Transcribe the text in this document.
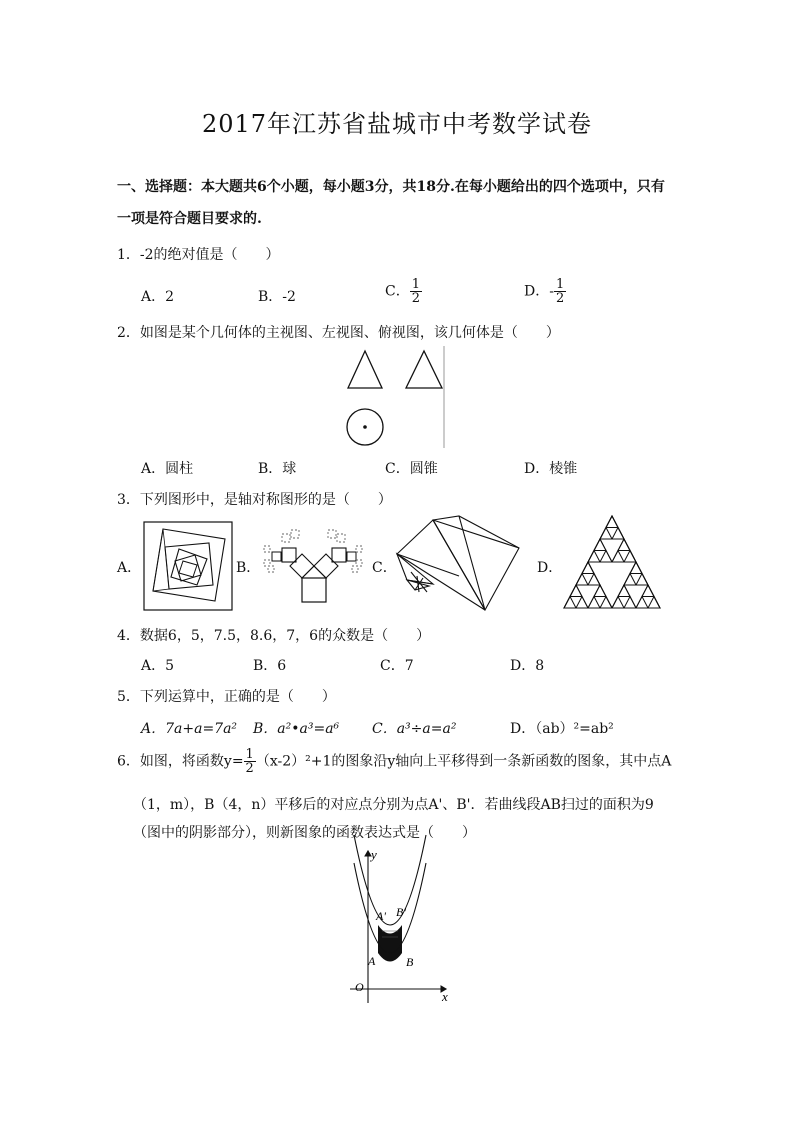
2017年江苏省盐城市中考数学试卷
一、选择题：本大题共6个小题，每小题3分，共18分.在每小题给出的四个选项中，只有
一项是符合题目要求的.
1．-2的绝对值是（　　）
A．2	B．-2	C． $\frac{1}{2}$	D．- $\frac{1}{2}$
2．如图是某个几何体的主视图、左视图、俯视图，该几何体是（　　）
A．圆柱	B．球	C．圆锥	D．棱锥
3．下列图形中，是轴对称图形的是（　　）
A．	B．	C．	D．
4．数据6，5，7.5，8.6，7，6的众数是（　　）
A．5	B．6	C．7	D．8
5．下列运算中，正确的是（　　）
A．7a+a=7a² B．a²•a³=a⁶ C．a³÷a=a²	D．（ab）²=ab²
6．如图，将函数$y= \frac{1}{2} (x-2)^2+1$的图象沿y轴向上平移得到一条新函数的图象，其中点A
（1，m），B（4，n）平移后的对应点分别为点A'、B'．若曲线段AB扫过的面积为9
（图中的阴影部分），则新图象的函数表达式是（　　）
y
x
O
A	B
A' B'
